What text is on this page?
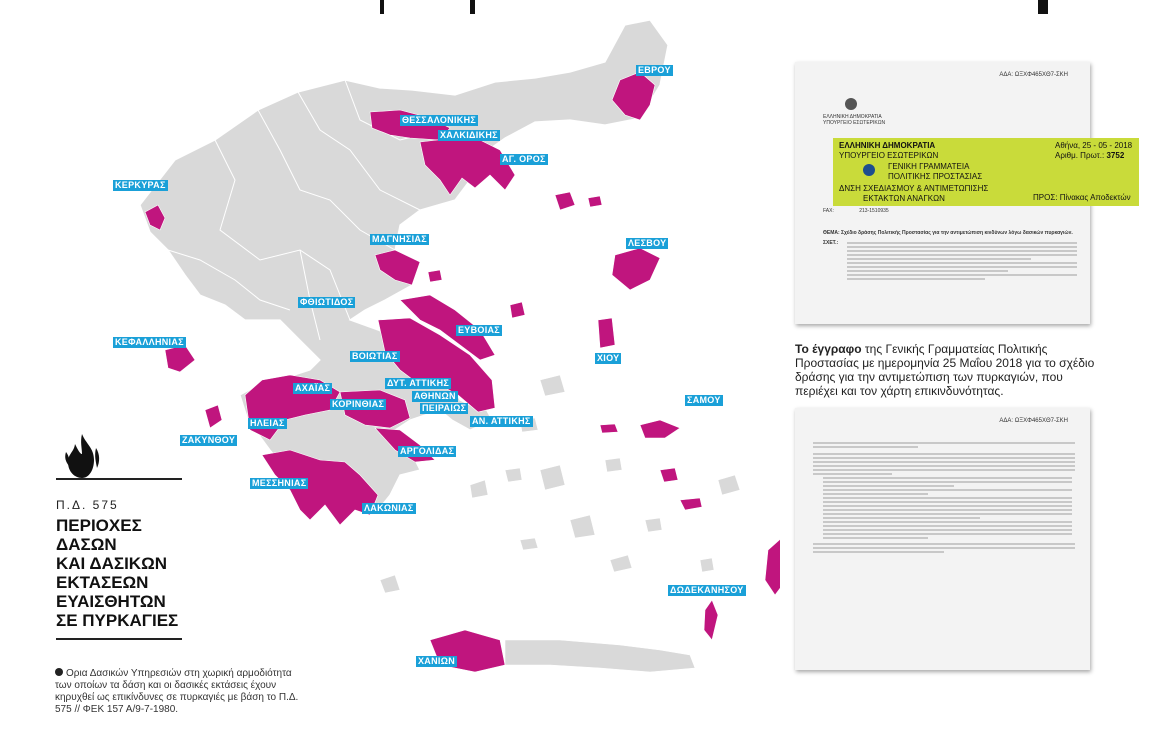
ΕΒΡΟΥ
ΘΕΣΣΑΛΟΝΙΚΗΣ
ΧΑΛΚΙΔΙΚΗΣ
ΑΓ. ΟΡΟΣ
ΚΕΡΚΥΡΑΣ
ΜΑΓΝΗΣΙΑΣ	ΛΕΣΒΟΥ
ΦΘΙΩΤΙΔΟΣ
ΚΕΦΑΛΛΗΝΙΑΣ
ΕΥΒΟΙΑΣ
ΒΟΙΩΤΙΑΣ	ΧΙΟΥ
ΑΧΑΪΑΣ	ΔΥΤ. ΑΤΤΙΚΗΣ
ΑΘΗΝΩΝ
ΚΟΡΙΝΘΙΑΣ	ΠΕΙΡΑΙΩΣ
ΣΑΜΟΥ
ΗΛΕΙΑΣ	ΑΝ. ΑΤΤΙΚΗΣ
ΖΑΚΥΝΘΟΥ
ΑΡΓΟΛΙΔΑΣ
ΜΕΣΣΗΝΙΑΣ
ΛΑΚΩΝΙΑΣ
ΔΩΔΕΚΑΝΗΣΟΥ
ΧΑΝΙΩΝ
Π.Δ. 575
ΠΕΡΙΟΧΕΣ
ΔΑΣΩΝ
ΚΑΙ ΔΑΣΙΚΩΝ
ΕΚΤΑΣΕΩΝ
ΕΥΑΙΣΘΗΤΩΝ
ΣΕ ΠΥΡΚΑΓΙΕΣ
Ορια Δασικών Υπηρεσιών στη χωρική αρμοδιότητα των οποίων τα δάση και οι δασικές εκτάσεις έχουν κηρυχθεί ως επικίνδυνες σε πυρκαγιές με βάση το Π.Δ. 575 // ΦΕΚ 157 Α/9-7-1980.
ΑΔΑ: ΩΞΧΦ465ΧΘ7-ΣΚΗ
ΕΛΛΗΝΙΚΗ ΔΗΜΟΚΡΑΤΙΑ
ΥΠΟΥΡΓΕΙΟ ΕΣΩΤΕΡΙΚΩΝ
FAX:	213-1510935
ΘΕΜΑ: Σχέδιο δράσης Πολιτικής Προστασίας για την αντιμετώπιση κινδύνων λόγω δασικών πυρκαγιών.
ΣΧΕΤ.:
ΕΛΛΗΝΙΚΗ ΔΗΜΟΚΡΑΤΙΑ
ΥΠΟΥΡΓΕΙΟ ΕΣΩΤΕΡΙΚΩΝ
ΓΕΝΙΚΗ ΓΡΑΜΜΑΤΕΙΑ
ΠΟΛΙΤΙΚΗΣ ΠΡΟΣΤΑΣΙΑΣ
ΔΝΣΗ ΣΧΕΔΙΑΣΜΟΥ & ΑΝΤΙΜΕΤΩΠΙΣΗΣ
ΕΚΤΑΚΤΩΝ ΑΝΑΓΚΩΝ
Αθήνα, 25 - 05 - 2018
Αριθμ. Πρωτ.: 3752
ΠΡΟΣ: Πίνακας Αποδεκτών
Το έγγραφο της Γενικής Γραμματείας Πολιτικής Προστασίας με ημερομηνία 25 Μαΐου 2018 για το σχέδιο δράσης για την αντιμετώπιση των πυρκαγιών, που περιέχει και τον χάρτη επικινδυνότητας.
ΑΔΑ: ΩΞΧΦ465ΧΘ7-ΣΚΗ
